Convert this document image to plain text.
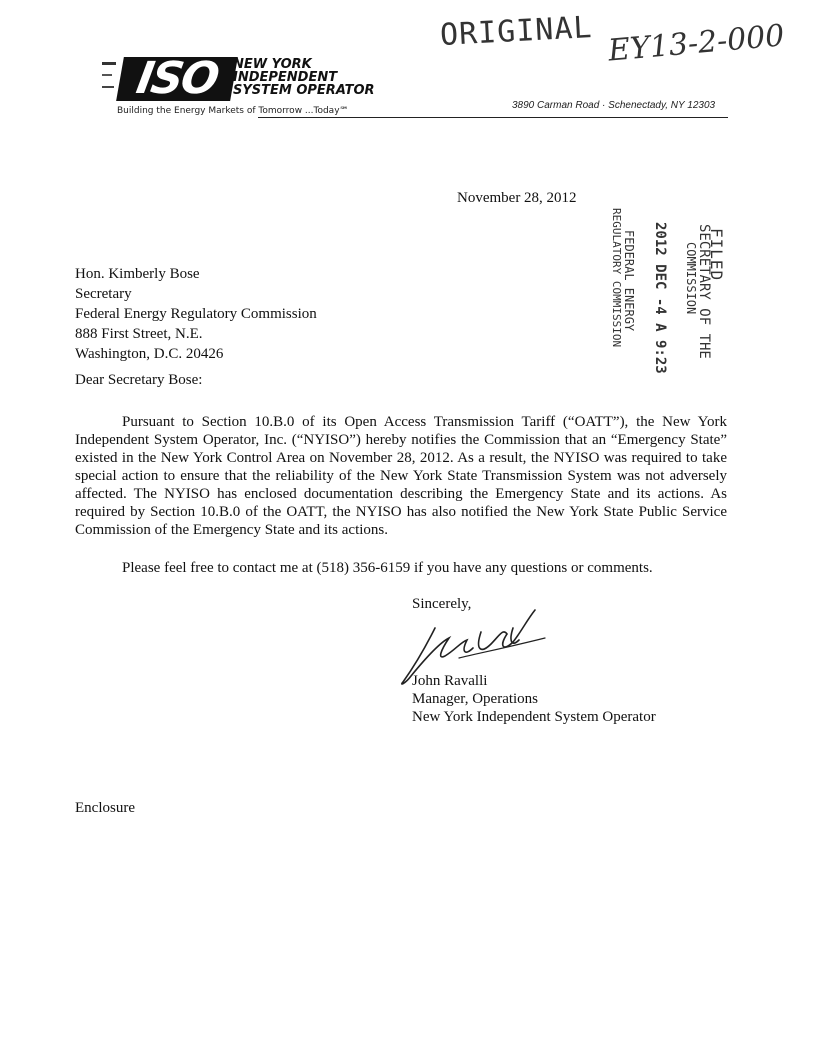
ORIGINAL EY13-2-000
ISO NEW YORK
INDEPENDENT
SYSTEM OPERATOR
Building the Energy Markets of Tomorrow ...Today℠	3890 Carman Road · Schenectady, NY 12303
November 28, 2012
FILED
SECRETARY OF THE
COMMISSION
2012 DEC -4 A 9:23
FEDERAL ENERGY
REGULATORY COMMISSION
Hon. Kimberly Bose
Secretary
Federal Energy Regulatory Commission
888 First Street, N.E.
Washington, D.C. 20426
Dear Secretary Bose:
Pursuant to Section 10.B.0 of its Open Access Transmission Tariff (“OATT”), the New York Independent System Operator, Inc. (“NYISO”) hereby notifies the Commission that an “Emergency State” existed in the New York Control Area on November 28, 2012. As a result, the NYISO was required to take special action to ensure that the reliability of the New York State Transmission System was not adversely affected. The NYISO has enclosed documentation describing the Emergency State and its actions. As required by Section 10.B.0 of the OATT, the NYISO has also notified the New York State Public Service Commission of the Emergency State and its actions.
Please feel free to contact me at (518) 356-6159 if you have any questions or comments.
Sincerely,
John Ravalli
Manager, Operations
New York Independent System Operator
Enclosure
